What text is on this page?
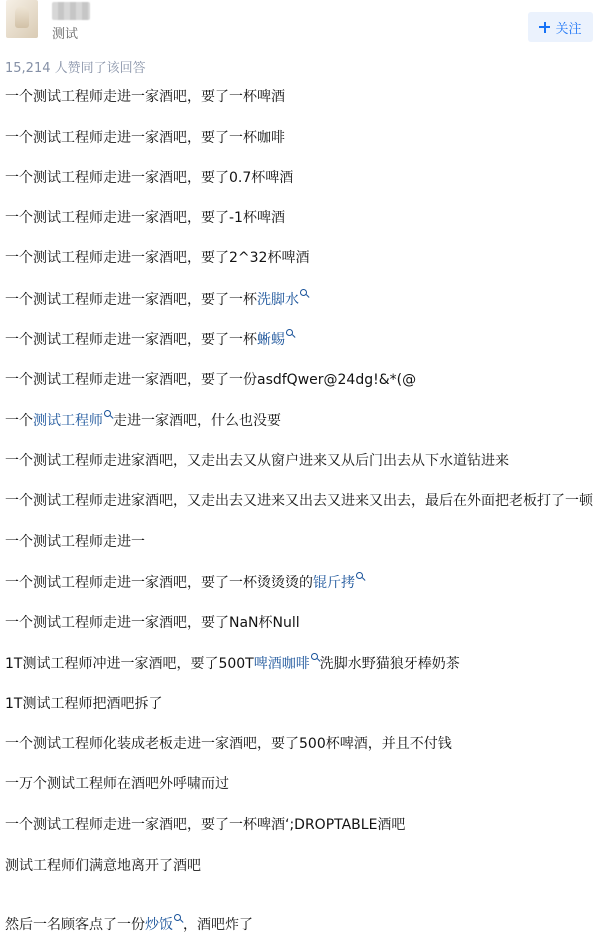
测试	关注
15,214 人赞同了该回答
一个测试工程师走进一家酒吧，要了一杯啤酒
一个测试工程师走进一家酒吧，要了一杯咖啡
一个测试工程师走进一家酒吧，要了0.7杯啤酒
一个测试工程师走进一家酒吧，要了-1杯啤酒
一个测试工程师走进一家酒吧，要了2^32杯啤酒
一个测试工程师走进一家酒吧，要了一杯洗脚水
一个测试工程师走进一家酒吧，要了一杯蜥蜴
一个测试工程师走进一家酒吧，要了一份asdfQwer@24dg!&*(@
一个测试工程师 走进一家酒吧，什么也没要
一个测试工程师走进家酒吧，又走出去又从窗户进来又从后门出去从下水道钻进来
一个测试工程师走进家酒吧，又走出去又进来又出去又进来又出去，最后在外面把老板打了一顿
一个测试工程师走进一
一个测试工程师走进一家酒吧，要了一杯烫烫烫的锟斤拷
一个测试工程师走进一家酒吧，要了NaN杯Null
1T测试工程师冲进一家酒吧，要了500T啤酒咖啡 洗脚水野猫狼牙棒奶茶
1T测试工程师把酒吧拆了
一个测试工程师化装成老板走进一家酒吧，要了500杯啤酒，并且不付钱
一万个测试工程师在酒吧外呼啸而过
一个测试工程师走进一家酒吧，要了一杯啤酒‘;DROPTABLE酒吧
测试工程师们满意地离开了酒吧
然后一名顾客点了一份炒饭 ，酒吧炸了
